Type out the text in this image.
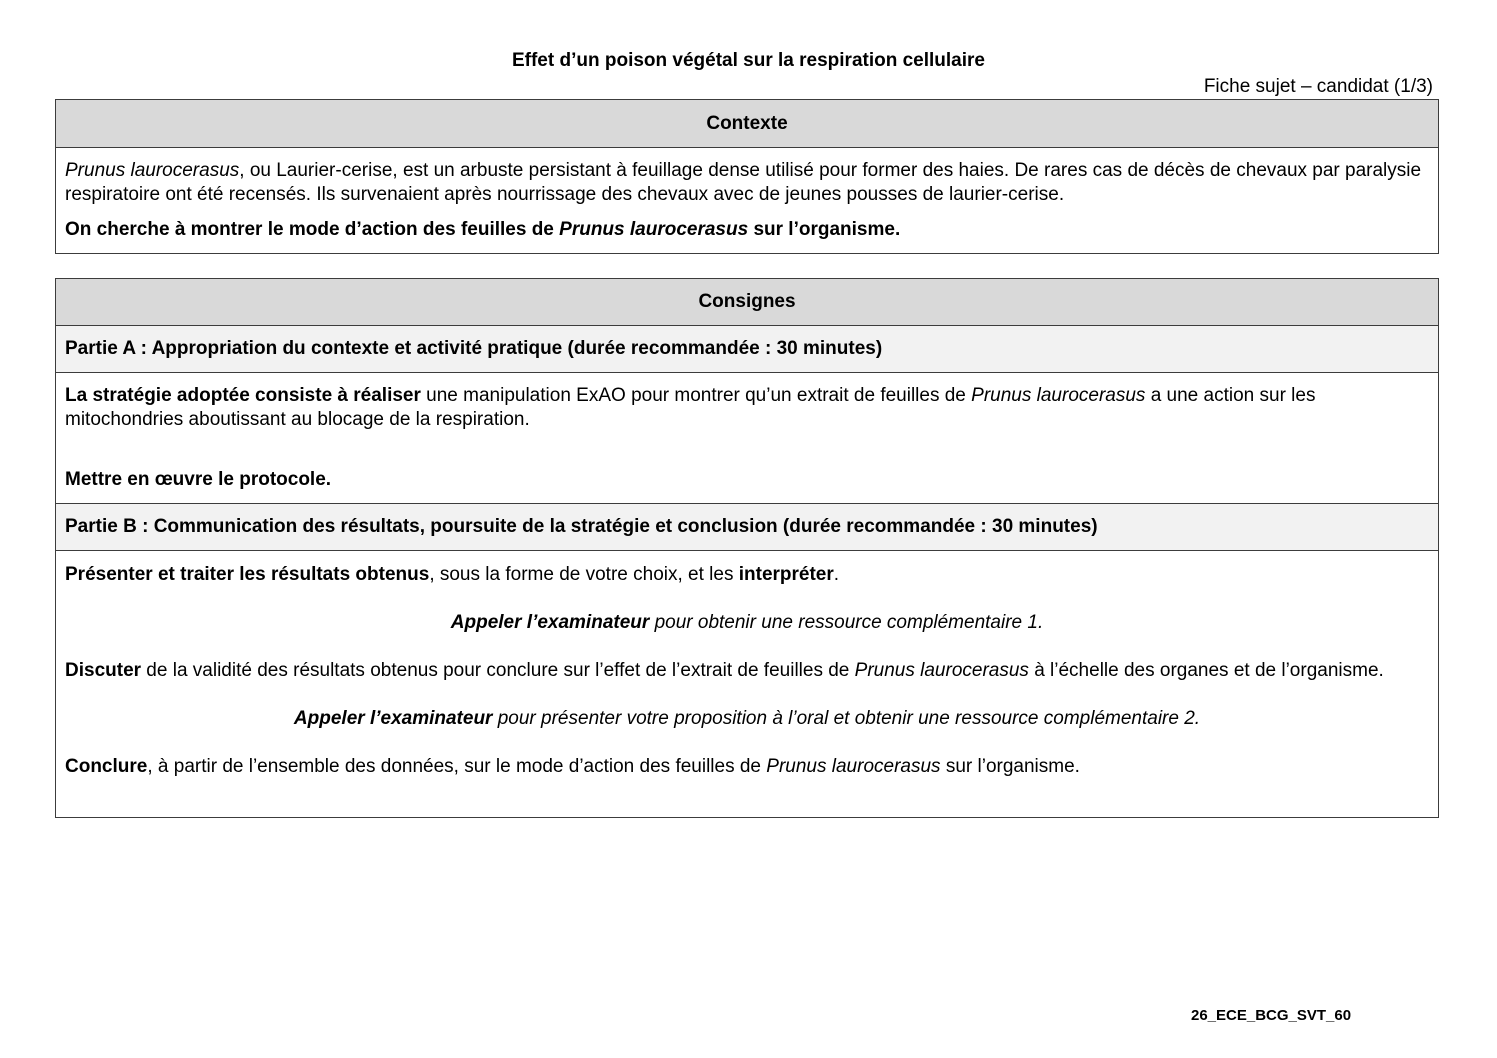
Effet d’un poison végétal sur la respiration cellulaire
Fiche sujet – candidat (1/3)
Contexte

Prunus laurocerasus, ou Laurier-cerise, est un arbuste persistant à feuillage dense utilisé pour former des haies. De rares cas de décès de chevaux par paralysie respiratoire ont été recensés. Ils survenaient après nourrissage des chevaux avec de jeunes pousses de laurier-cerise.

On cherche à montrer le mode d’action des feuilles de Prunus laurocerasus sur l’organisme.

Consignes
Partie A : Appropriation du contexte et activité pratique (durée recommandée : 30 minutes)

La stratégie adoptée consiste à réaliser une manipulation ExAO pour montrer qu’un extrait de feuilles de Prunus laurocerasus a une action sur les mitochondries aboutissant au blocage de la respiration.

Mettre en œuvre le protocole.

Partie B : Communication des résultats, poursuite de la stratégie et conclusion (durée recommandée : 30 minutes)

Présenter et traiter les résultats obtenus, sous la forme de votre choix, et les interpréter.

Appeler l’examinateur pour obtenir une ressource complémentaire 1.

Discuter de la validité des résultats obtenus pour conclure sur l’effet de l’extrait de feuilles de Prunus laurocerasus à l’échelle des organes et de l’organisme.

Appeler l’examinateur pour présenter votre proposition à l’oral et obtenir une ressource complémentaire 2.

Conclure, à partir de l’ensemble des données, sur le mode d’action des feuilles de Prunus laurocerasus sur l’organisme.

26_ECE_BCG_SVT_60
